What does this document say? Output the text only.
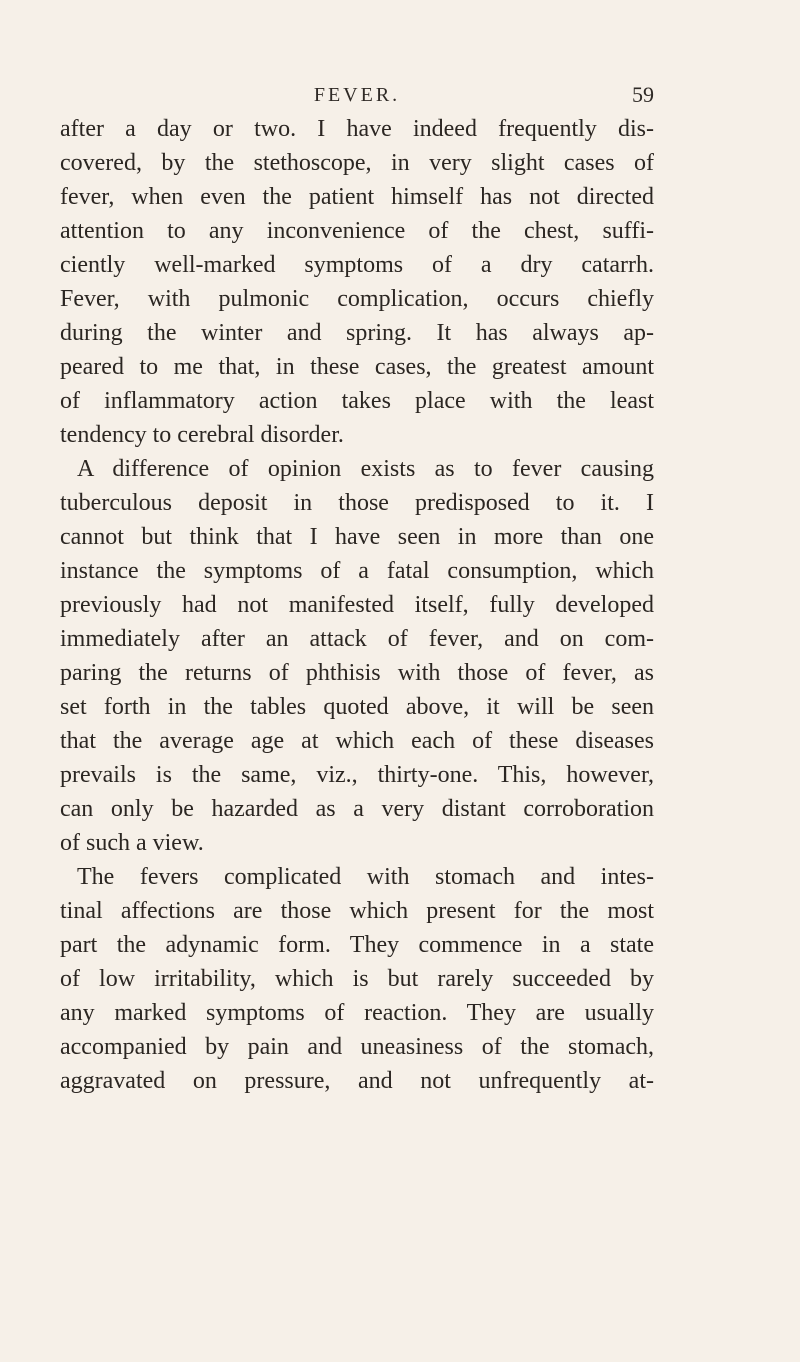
FEVER.	59
after a day or two. I have indeed frequently dis-
covered, by the stethoscope, in very slight cases of
fever, when even the patient himself has not directed
attention to any inconvenience of the chest, suffi-
ciently well-marked symptoms of a dry catarrh.
Fever, with pulmonic complication, occurs chiefly
during the winter and spring. It has always ap-
peared to me that, in these cases, the greatest amount
of inflammatory action takes place with the least
tendency to cerebral disorder.
A difference of opinion exists as to fever causing
tuberculous deposit in those predisposed to it. I
cannot but think that I have seen in more than one
instance the symptoms of a fatal consumption, which
previously had not manifested itself, fully developed
immediately after an attack of fever, and on com-
paring the returns of phthisis with those of fever, as
set forth in the tables quoted above, it will be seen
that the average age at which each of these diseases
prevails is the same, viz., thirty-one. This, however,
can only be hazarded as a very distant corroboration
of such a view.
The fevers complicated with stomach and intes-
tinal affections are those which present for the most
part the adynamic form. They commence in a state
of low irritability, which is but rarely succeeded by
any marked symptoms of reaction. They are usually
accompanied by pain and uneasiness of the stomach,
aggravated on pressure, and not unfrequently at-
